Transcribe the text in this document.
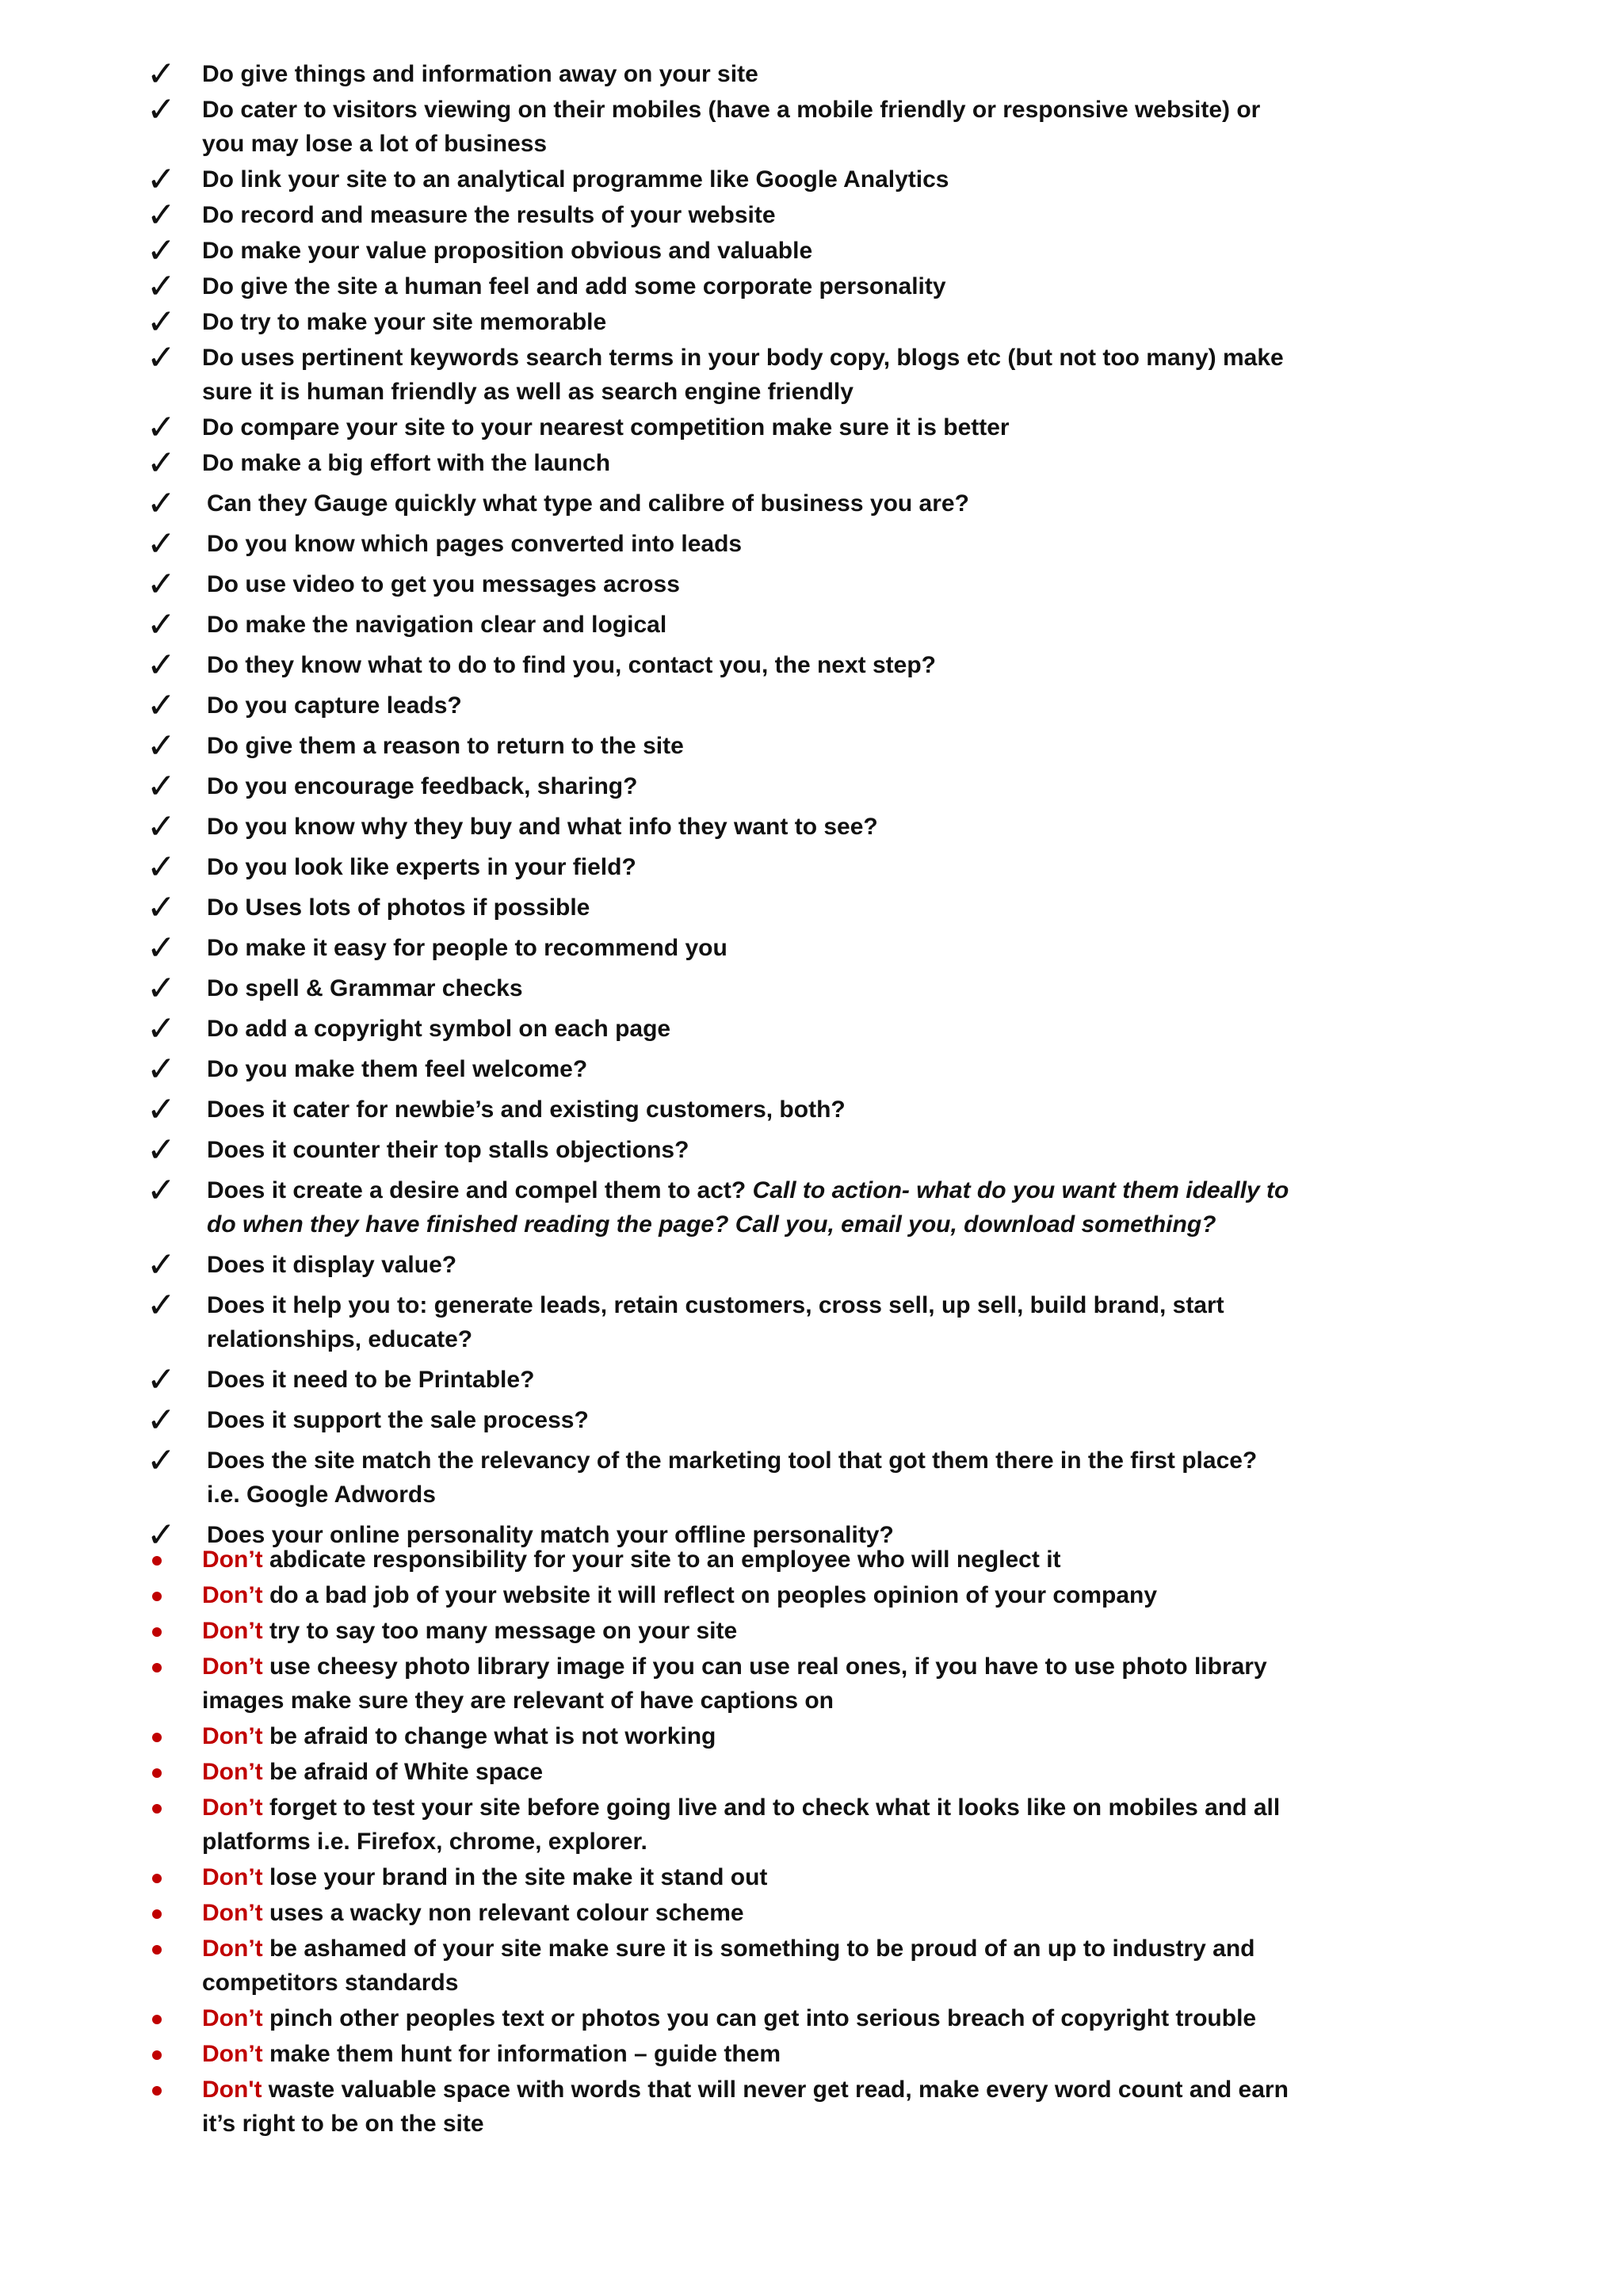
✓	Do give things and information away on your site
✓	Do cater to visitors viewing on their mobiles (have a mobile friendly or responsive website) or you may lose a lot of business
✓	Do link your site to an analytical programme like Google Analytics
✓	Do record and measure the results of your website
✓	Do make your value proposition obvious and valuable
✓	Do give the site a human feel and add some corporate personality
✓	Do try to make your site memorable
✓	Do uses pertinent keywords search terms in your body copy, blogs etc (but not too many) make sure it is human friendly as well as search engine friendly
✓	Do compare your site to your nearest competition make sure it is better
✓	Do make a big effort with the launch
✓	Can they Gauge quickly what type and calibre of business you are?
✓	Do you know which pages converted into leads
✓	Do use video to get you messages across
✓	Do make the navigation clear and logical
✓	Do they know what to do to find you, contact you, the next step?
✓	Do you capture leads?
✓	Do give them a reason to return to the site
✓	Do you encourage feedback, sharing?
✓	Do you know why they buy and what info they want to see?
✓	Do you look like experts in your field?
✓	Do Uses lots of photos if possible
✓	Do make it easy for people to recommend you
✓	Do spell & Grammar checks
✓	Do add a copyright symbol on each page
✓	Do you make them feel welcome?
✓	Does it cater for newbie’s and existing customers, both?
✓	Does it counter their top stalls objections?
✓	Does it create a desire and compel them to act? Call to action- what do you want them ideally to do when they have finished reading the page? Call you, email you, download something?
✓	Does it display value?
✓	Does it help you to: generate leads, retain customers, cross sell, up sell, build brand, start relationships, educate?
✓	Does it need to be Printable?
✓	Does it support the sale process?
✓	Does the site match the relevancy of the marketing tool that got them there in the first place? i.e. Google Adwords
✓	Does your online personality match your offline personality?
Don’t abdicate responsibility for your site to an employee who will neglect it
Don’t do a bad job of your website it will reflect on peoples opinion of your company
Don’t try to say too many message on your site
Don’t use cheesy photo library image if you can use real ones, if you have to use photo library images make sure they are relevant of have captions on
Don’t be afraid to change what is not working
Don’t be afraid of White space
Don’t forget to test your site before going live and to check what it looks like on mobiles and all platforms i.e. Firefox, chrome, explorer.
Don’t lose your brand in the site make it stand out
Don’t uses a wacky non relevant colour scheme
Don’t be ashamed of your site make sure it is something to be proud of an up to industry and competitors standards
Don’t pinch other peoples text or photos you can get into serious breach of copyright trouble
Don’t make them hunt for information – guide them
Don't waste valuable space with words that will never get read, make every word count and earn it’s right to be on the site
